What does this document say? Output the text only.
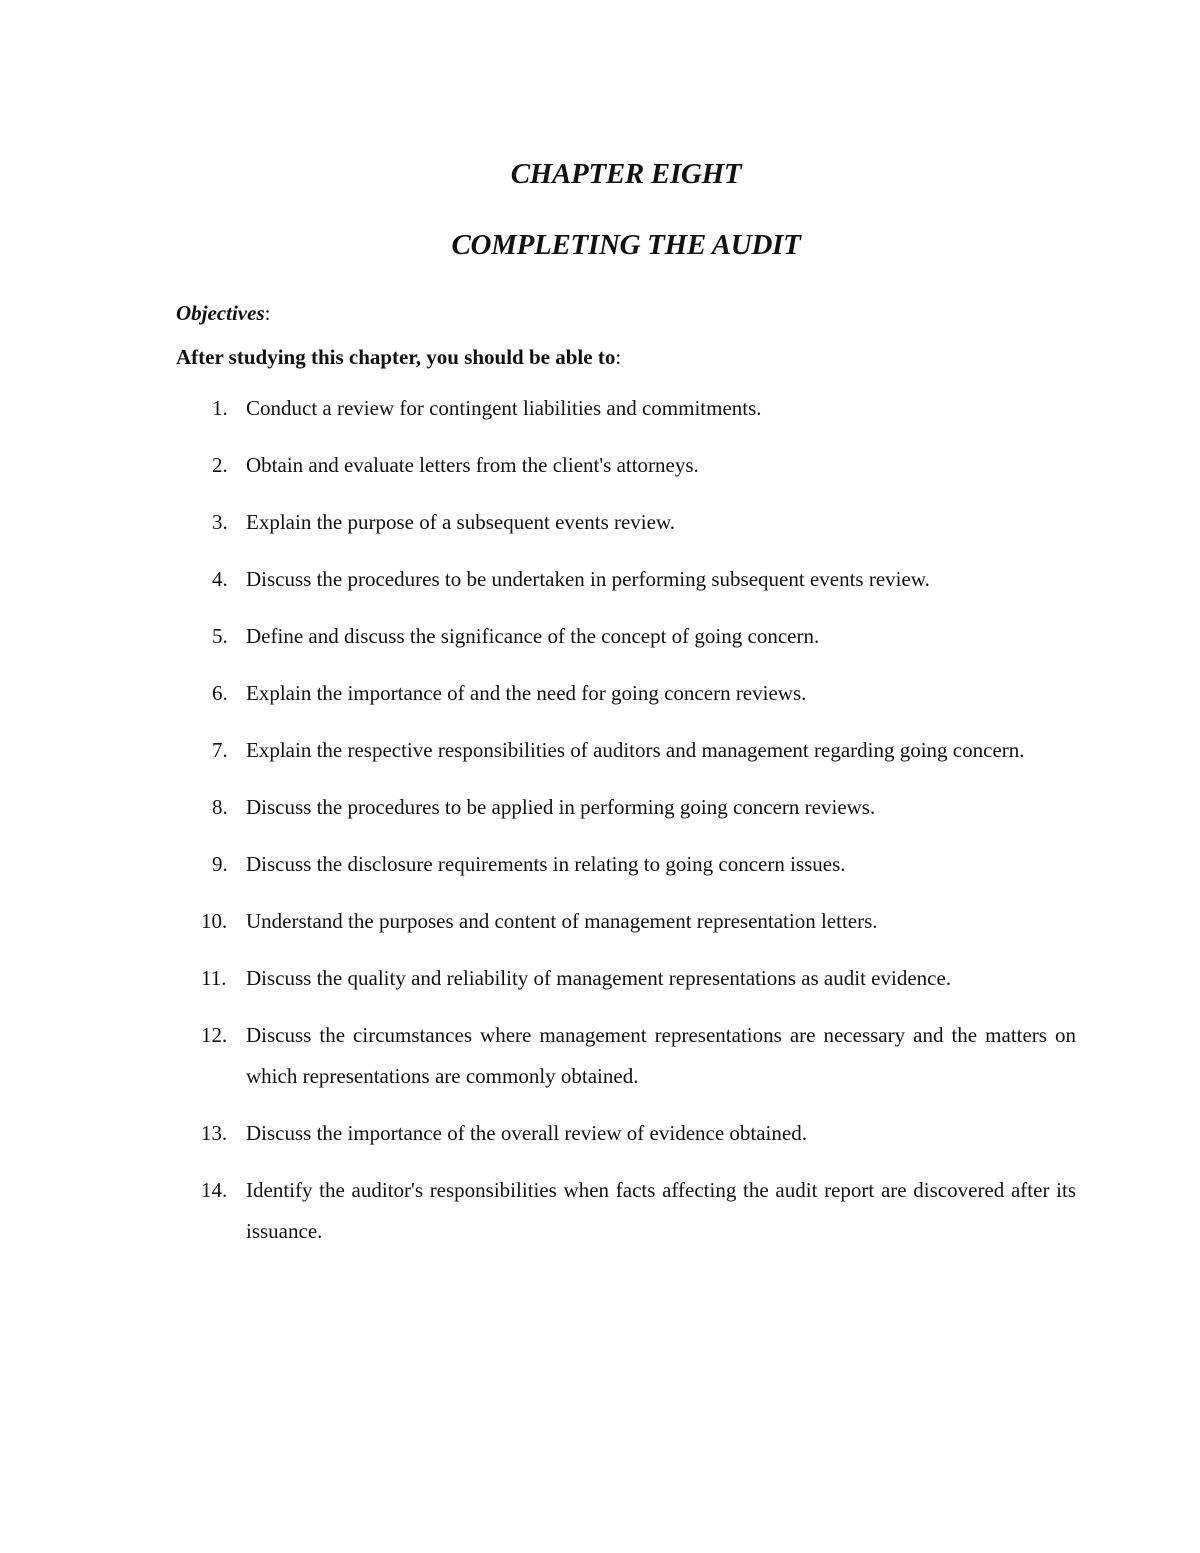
CHAPTER EIGHT
COMPLETING THE AUDIT
Objectives:
After studying this chapter, you should be able to:
1. Conduct a review for contingent liabilities and commitments.
2. Obtain and evaluate letters from the client's attorneys.
3. Explain the purpose of a subsequent events review.
4. Discuss the procedures to be undertaken in performing subsequent events review.
5. Define and discuss the significance of the concept of going concern.
6. Explain the importance of and the need for going concern reviews.
7. Explain the respective responsibilities of auditors and management regarding going concern.
8. Discuss the procedures to be applied in performing going concern reviews.
9. Discuss the disclosure requirements in relating to going concern issues.
10. Understand the purposes and content of management representation letters.
11. Discuss the quality and reliability of management representations as audit evidence.
12. Discuss the circumstances where management representations are necessary and the matters on which representations are commonly obtained.
13. Discuss the importance of the overall review of evidence obtained.
14. Identify the auditor's responsibilities when facts affecting the audit report are discovered after its issuance.
